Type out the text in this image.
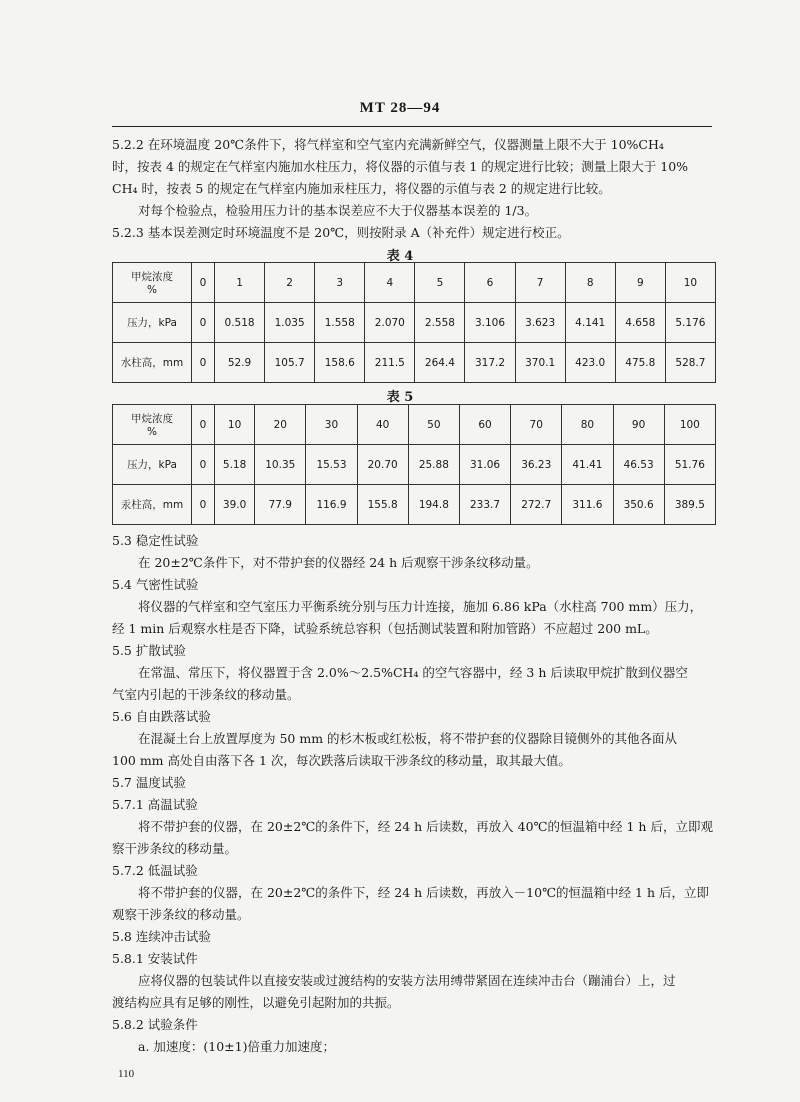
MT 28—94
5.2.2 在环境温度 20℃条件下，将气样室和空气室内充满新鲜空气，仪器测量上限不大于 10%CH₄
时，按表 4 的规定在气样室内施加水柱压力，将仪器的示值与表 1 的规定进行比较；测量上限大于 10%
CH₄ 时，按表 5 的规定在气样室内施加汞柱压力，将仪器的示值与表 2 的规定进行比较。
对每个检验点，检验用压力计的基本误差应不大于仪器基本误差的 1/3。
5.2.3 基本误差测定时环境温度不是 20℃，则按附录 A（补充件）规定进行校正。
表 4
甲烷浓度
%	0	1	2	3	4	5	6	7	8	9	10

压力，kPa	0	0.518	1.035	1.558	2.070	2.558	3.106	3.623	4.141	4.658	5.176

水柱高，mm	0	52.9	105.7	158.6	211.5	264.4	317.2	370.1	423.0	475.8	528.7
表 5
甲烷浓度
%	0	10	20	30	40	50	60	70	80	90	100

压力，kPa	0	5.18	10.35	15.53	20.70	25.88	31.06	36.23	41.41	46.53	51.76

汞柱高，mm	0	39.0	77.9	116.9	155.8	194.8	233.7	272.7	311.6	350.6	389.5
5.3 稳定性试验
在 20±2℃条件下，对不带护套的仪器经 24 h 后观察干涉条纹移动量。
5.4 气密性试验
将仪器的气样室和空气室压力平衡系统分别与压力计连接，施加 6.86 kPa（水柱高 700 mm）压力，
经 1 min 后观察水柱是否下降，试验系统总容积（包括测试装置和附加管路）不应超过 200 mL。
5.5 扩散试验
在常温、常压下，将仪器置于含 2.0%～2.5%CH₄ 的空气容器中，经 3 h 后读取甲烷扩散到仪器空
气室内引起的干涉条纹的移动量。
5.6 自由跌落试验
在混凝土台上放置厚度为 50 mm 的杉木板或红松板，将不带护套的仪器除目镜侧外的其他各面从
100 mm 高处自由落下各 1 次，每次跌落后读取干涉条纹的移动量，取其最大值。
5.7 温度试验
5.7.1 高温试验
将不带护套的仪器，在 20±2℃的条件下，经 24 h 后读数，再放入 40℃的恒温箱中经 1 h 后，立即观
察干涉条纹的移动量。
5.7.2 低温试验
将不带护套的仪器，在 20±2℃的条件下，经 24 h 后读数，再放入－10℃的恒温箱中经 1 h 后，立即
观察干涉条纹的移动量。
5.8 连续冲击试验
5.8.1 安装试件
应将仪器的包装试件以直接安装或过渡结构的安装方法用缚带紧固在连续冲击台（蹦浦台）上，过
渡结构应具有足够的刚性，以避免引起附加的共振。
5.8.2 试验条件
a. 加速度：(10±1)倍重力加速度；
110
